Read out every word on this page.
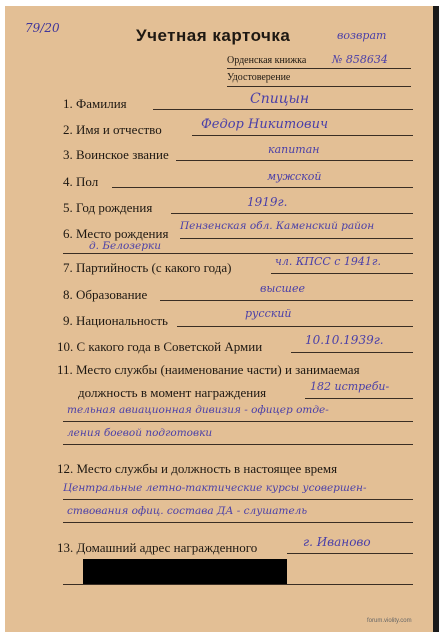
79/20	Учетная карточка	возврат
Орденская книжка № 858634
Удостоверение
1. Фамилия	Спицын
2. Имя и отчество	Федор Никитович
3. Воинское звание	капитан
4. Пол	мужской
5. Год рождения	1919г.
6. Место рождения Пензенская обл. Каменский район
д. Белозерки
7. Партийность (с какого года)	чл. КПСС с 1941г.
8. Образование	высшее
9. Национальность	русский
10. С какого года в Советской Армии	10.10.1939г.
11. Место службы (наименование части) и занимаемая
должность в момент награждения	182 истреби-
тельная авиационная дивизия - офицер отде-
ления боевой подготовки
12. Место службы и должность в настоящее время
Центральные летно-тактические курсы усовершен-
ствования офиц. состава ДА - слушатель
13. Домашний адрес награжденного	г. Иваново
forum.violity.com
